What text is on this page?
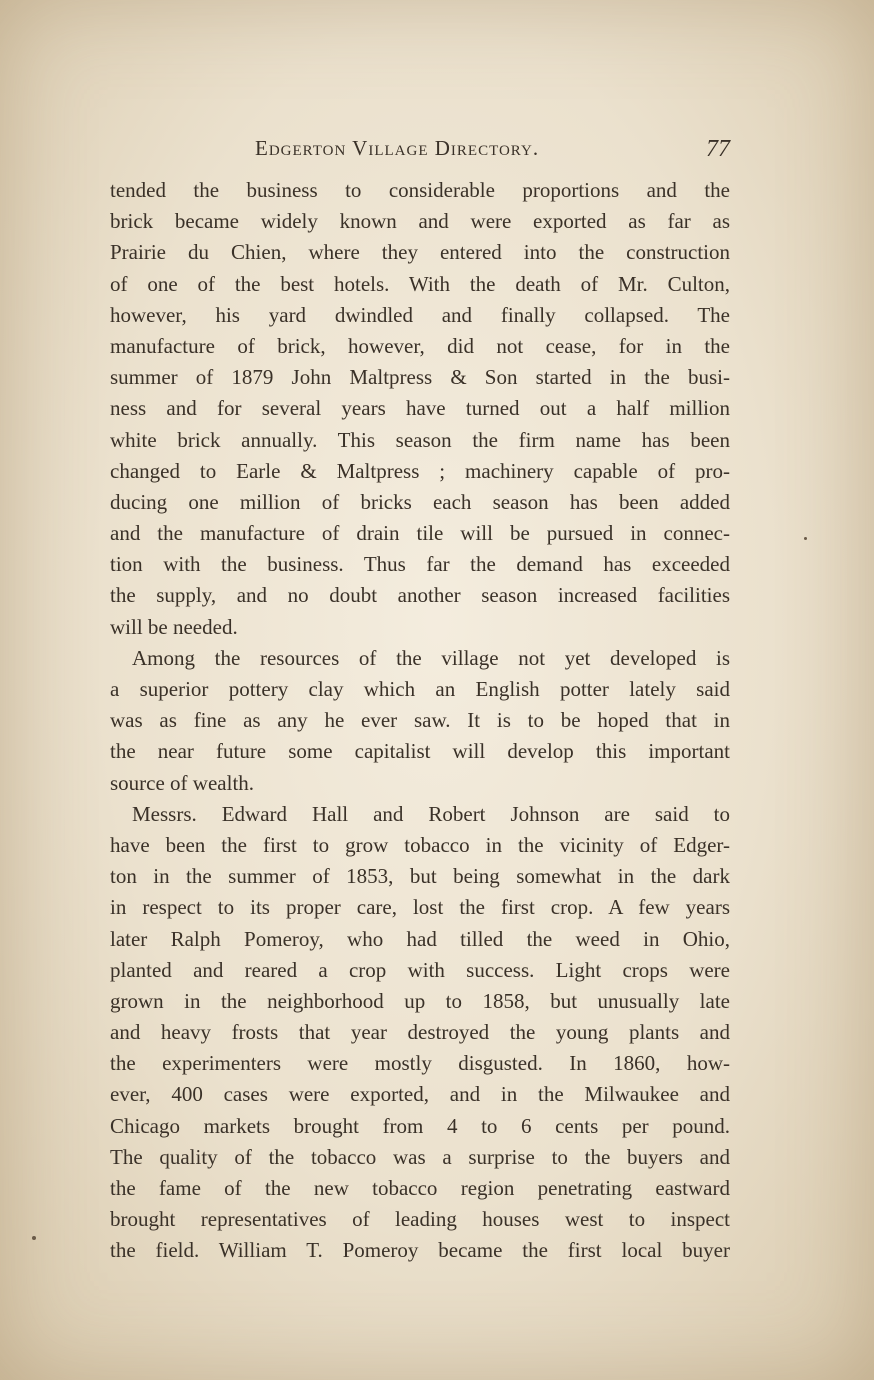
Edgerton Village Directory.	77
tended the business to considerable proportions and the
brick became widely known and were exported as far as
Prairie du Chien, where they entered into the construction
of one of the best hotels. With the death of Mr. Culton,
however, his yard dwindled and finally collapsed. The
manufacture of brick, however, did not cease, for in the
summer of 1879 John Maltpress & Son started in the busi-
ness and for several years have turned out a half million
white brick annually. This season the firm name has been
changed to Earle & Maltpress ; machinery capable of pro-
ducing one million of bricks each season has been added
and the manufacture of drain tile will be pursued in connec-
tion with the business. Thus far the demand has exceeded
the supply, and no doubt another season increased facilities
will be needed.
Among the resources of the village not yet developed is
a superior pottery clay which an English potter lately said
was as fine as any he ever saw. It is to be hoped that in
the near future some capitalist will develop this important
source of wealth.
Messrs. Edward Hall and Robert Johnson are said to
have been the first to grow tobacco in the vicinity of Edger-
ton in the summer of 1853, but being somewhat in the dark
in respect to its proper care, lost the first crop. A few years
later Ralph Pomeroy, who had tilled the weed in Ohio,
planted and reared a crop with success. Light crops were
grown in the neighborhood up to 1858, but unusually late
and heavy frosts that year destroyed the young plants and
the experimenters were mostly disgusted. In 1860, how-
ever, 400 cases were exported, and in the Milwaukee and
Chicago markets brought from 4 to 6 cents per pound.
The quality of the tobacco was a surprise to the buyers and
the fame of the new tobacco region penetrating eastward
brought representatives of leading houses west to inspect
the field. William T. Pomeroy became the first local buyer
